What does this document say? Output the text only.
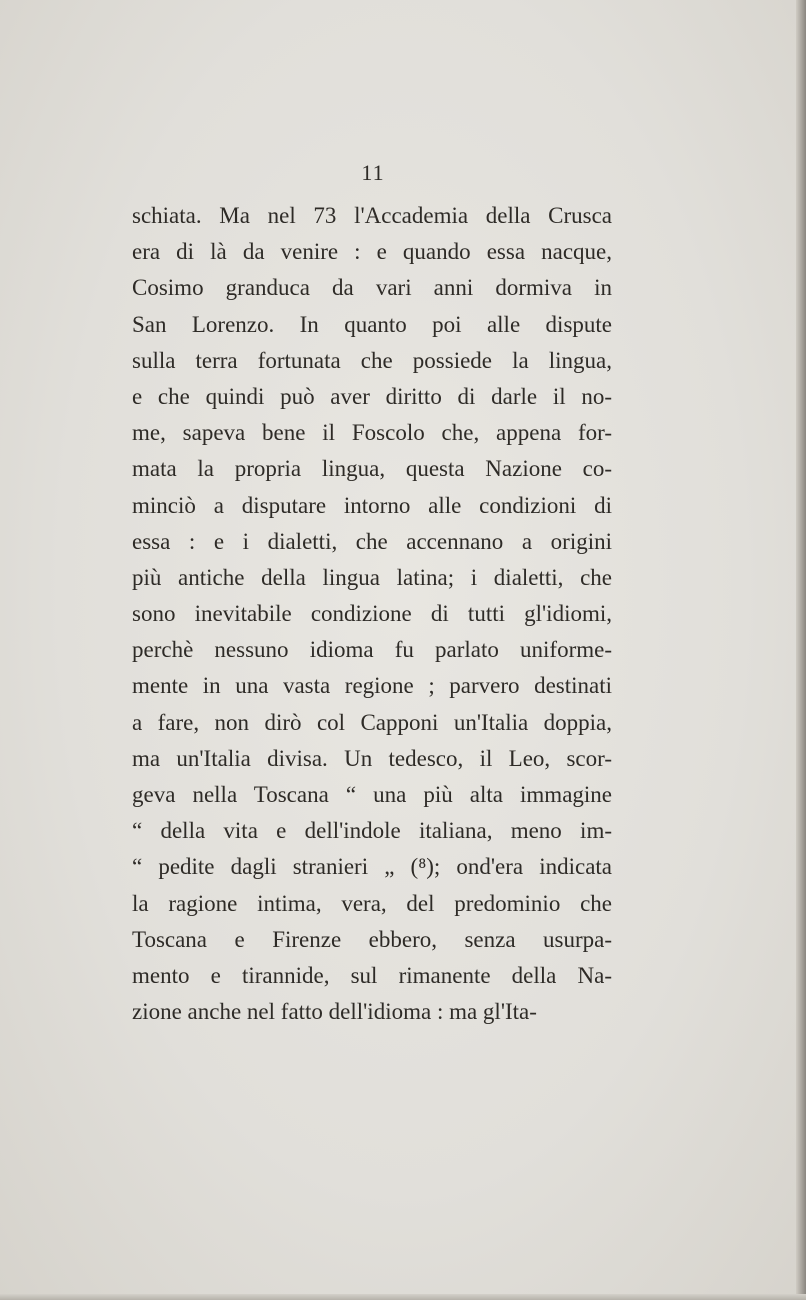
11
schiata. Ma nel 73 l'Accademia della Crusca
era di là da venire : e quando essa nacque,
Cosimo granduca da vari anni dormiva in
San Lorenzo. In quanto poi alle dispute
sulla terra fortunata che possiede la lingua,
e che quindi può aver diritto di darle il no-
me, sapeva bene il Foscolo che, appena for-
mata la propria lingua, questa Nazione co-
minciò a disputare intorno alle condizioni di
essa : e i dialetti, che accennano a origini
più antiche della lingua latina; i dialetti, che
sono inevitabile condizione di tutti gl'idiomi,
perchè nessuno idioma fu parlato uniforme-
mente in una vasta regione ; parvero destinati
a fare, non dirò col Capponi un'Italia doppia,
ma un'Italia divisa. Un tedesco, il Leo, scor-
geva nella Toscana “ una più alta immagine
“ della vita e dell'indole italiana, meno im-
“ pedite dagli stranieri „ (⁸); ond'era indicata
la ragione intima, vera, del predominio che
Toscana e Firenze ebbero, senza usurpa-
mento e tirannide, sul rimanente della Na-
zione anche nel fatto dell'idioma : ma gl'Ita-
